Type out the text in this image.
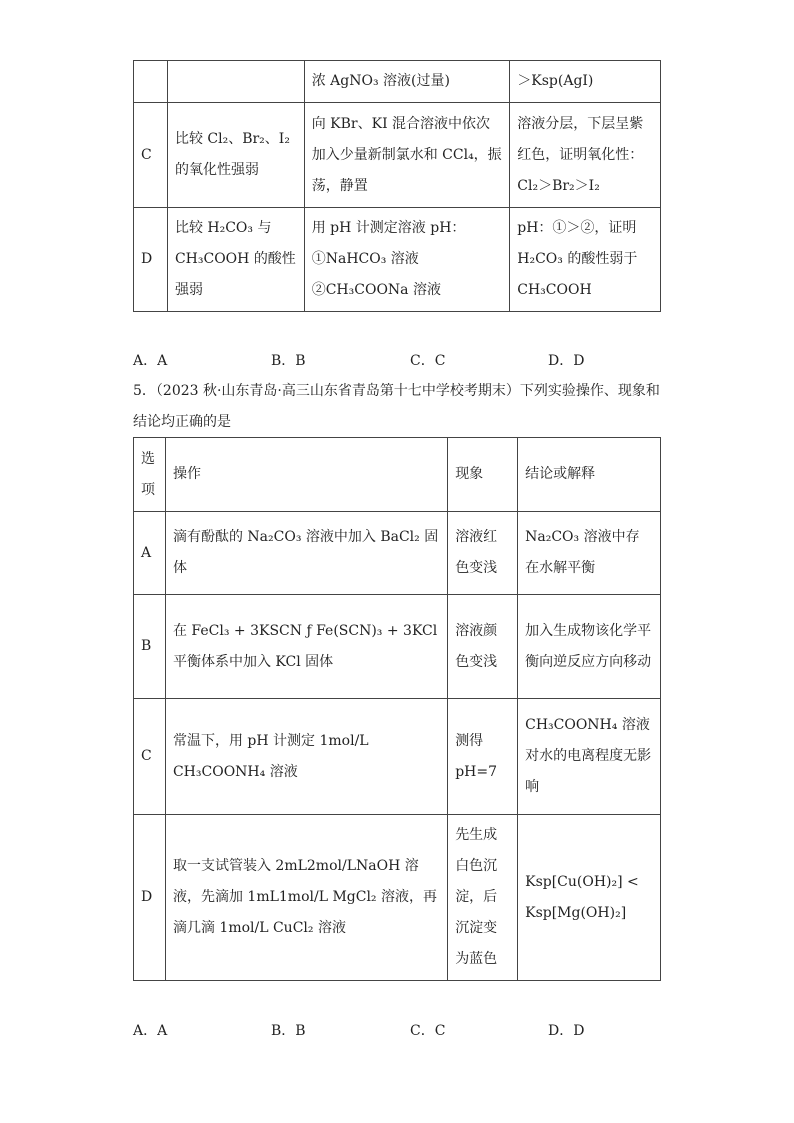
		浓 AgNO₃ 溶液(过量)	＞Ksp(AgI)
C	比较 Cl₂、Br₂、I₂ 的氧化性强弱	向 KBr、KI 混合溶液中依次加入少量新制氯水和 CCl₄，振荡，静置	溶液分层，下层呈紫红色，证明氧化性：Cl₂＞Br₂＞I₂
D	比较 H₂CO₃ 与 CH₃COOH 的酸性强弱	用 pH 计测定溶液 pH：①NaHCO₃ 溶液②CH₃COONa 溶液	pH：①＞②，证明 H₂CO₃ 的酸性弱于 CH₃COOH
A．A	B．B	C．C	D．D
5．（2023 秋·山东青岛·高三山东省青岛第十七中学校考期末）下列实验操作、现象和结论均正确的是
选项	操作	现象	结论或解释
A	滴有酚酞的 Na₂CO₃ 溶液中加入 BaCl₂ 固体	溶液红色变浅	Na₂CO₃ 溶液中存在水解平衡
B	在 FeCl₃ + 3KSCN ƒ Fe(SCN)₃ + 3KCl 平衡体系中加入 KCl 固体	溶液颜色变浅	加入生成物该化学平衡向逆反应方向移动
C	常温下，用 pH 计测定 1mol/L CH₃COONH₄ 溶液	测得 pH=7	CH₃COONH₄ 溶液对水的电离程度无影响
D	取一支试管装入 2mL2mol/LNaOH 溶液，先滴加 1mL1mol/L MgCl₂ 溶液，再滴几滴 1mol/L CuCl₂ 溶液	先生成白色沉淀，后沉淀变为蓝色	Ksp[Cu(OH)₂] < Ksp[Mg(OH)₂]
A．A	B．B	C．C	D．D
